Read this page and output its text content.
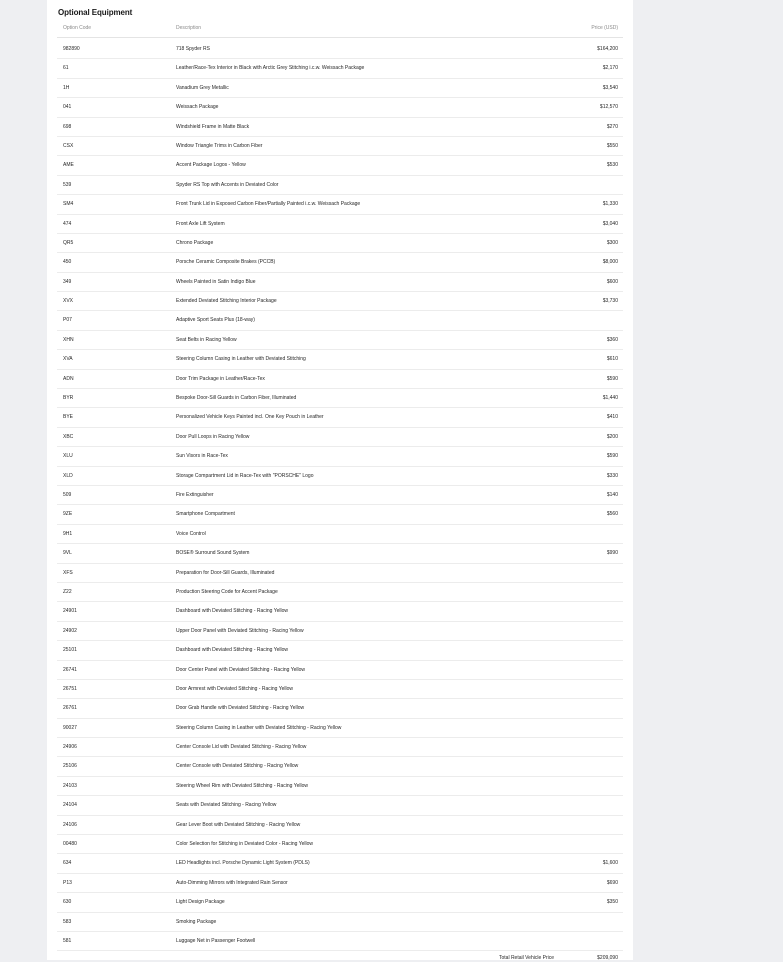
Optional Equipment
Option Code	Description	Price (USD)
982890	718 Spyder RS	$164,200
61	Leather/Race-Tex Interior in Black with Arctic Grey Stitching i.c.w. Weissach Package	$2,170
1H	Vanadium Grey Metallic	$3,540
041	Weissach Package	$12,570
698	Windshield Frame in Matte Black	$270
CSX	Window Triangle Trims in Carbon Fiber	$550
AME	Accent Package Logos - Yellow	$530
539	Spyder RS Top with Accents in Deviated Color
SM4	Front Trunk Lid in Exposed Carbon Fiber/Partially Painted i.c.w. Weissach Package	$1,330
474	Front Axle Lift System	$3,040
QR5	Chrono Package	$300
450	Porsche Ceramic Composite Brakes (PCCB)	$8,000
349	Wheels Painted in Satin Indigo Blue	$600
XVX	Extended Deviated Stitching Interior Package	$3,730
P07	Adaptive Sport Seats Plus (18-way)
XHN	Seat Belts in Racing Yellow	$360
XVA	Steering Column Casing in Leather with Deviated Stitching	$610
ADN	Door Trim Package in Leather/Race-Tex	$590
BYR	Bespoke Door-Sill Guards in Carbon Fiber, Illuminated	$1,440
BYE	Personalized Vehicle Keys Painted incl. One Key Pouch in Leather	$410
XBC	Door Pull Loops in Racing Yellow	$200
XLU	Sun Visors in Race-Tex	$590
XLD	Storage Compartment Lid in Race-Tex with "PORSCHE" Logo	$330
509	Fire Extinguisher	$140
9ZE	Smartphone Compartment	$560
9H1	Voice Control
9VL	BOSE® Surround Sound System	$990
XFS	Preparation for Door-Sill Guards, Illuminated
Z22	Production Steering Code for Accent Package
24901	Dashboard with Deviated Stitching - Racing Yellow
24902	Upper Door Panel with Deviated Stitching - Racing Yellow
25101	Dashboard with Deviated Stitching - Racing Yellow
26741	Door Center Panel with Deviated Stitching - Racing Yellow
26751	Door Armrest with Deviated Stitching - Racing Yellow
26761	Door Grab Handle with Deviated Stitching - Racing Yellow
90027	Steering Column Casing in Leather with Deviated Stitching - Racing Yellow
24906	Center Console Lid with Deviated Stitching - Racing Yellow
25106	Center Console with Deviated Stitching - Racing Yellow
24103	Steering Wheel Rim with Deviated Stitching - Racing Yellow
24104	Seats with Deviated Stitching - Racing Yellow
24106	Gear Lever Boot with Deviated Stitching - Racing Yellow
00480	Color Selection for Stitching in Deviated Color - Racing Yellow
634	LED Headlights incl. Porsche Dynamic Light System (PDLS)	$1,600
P13	Auto-Dimming Mirrors with Integrated Rain Sensor	$690
630	Light Design Package	$350
583	Smoking Package
581	Luggage Net in Passenger Footwell
Total Retail Vehicle Price	$209,090
